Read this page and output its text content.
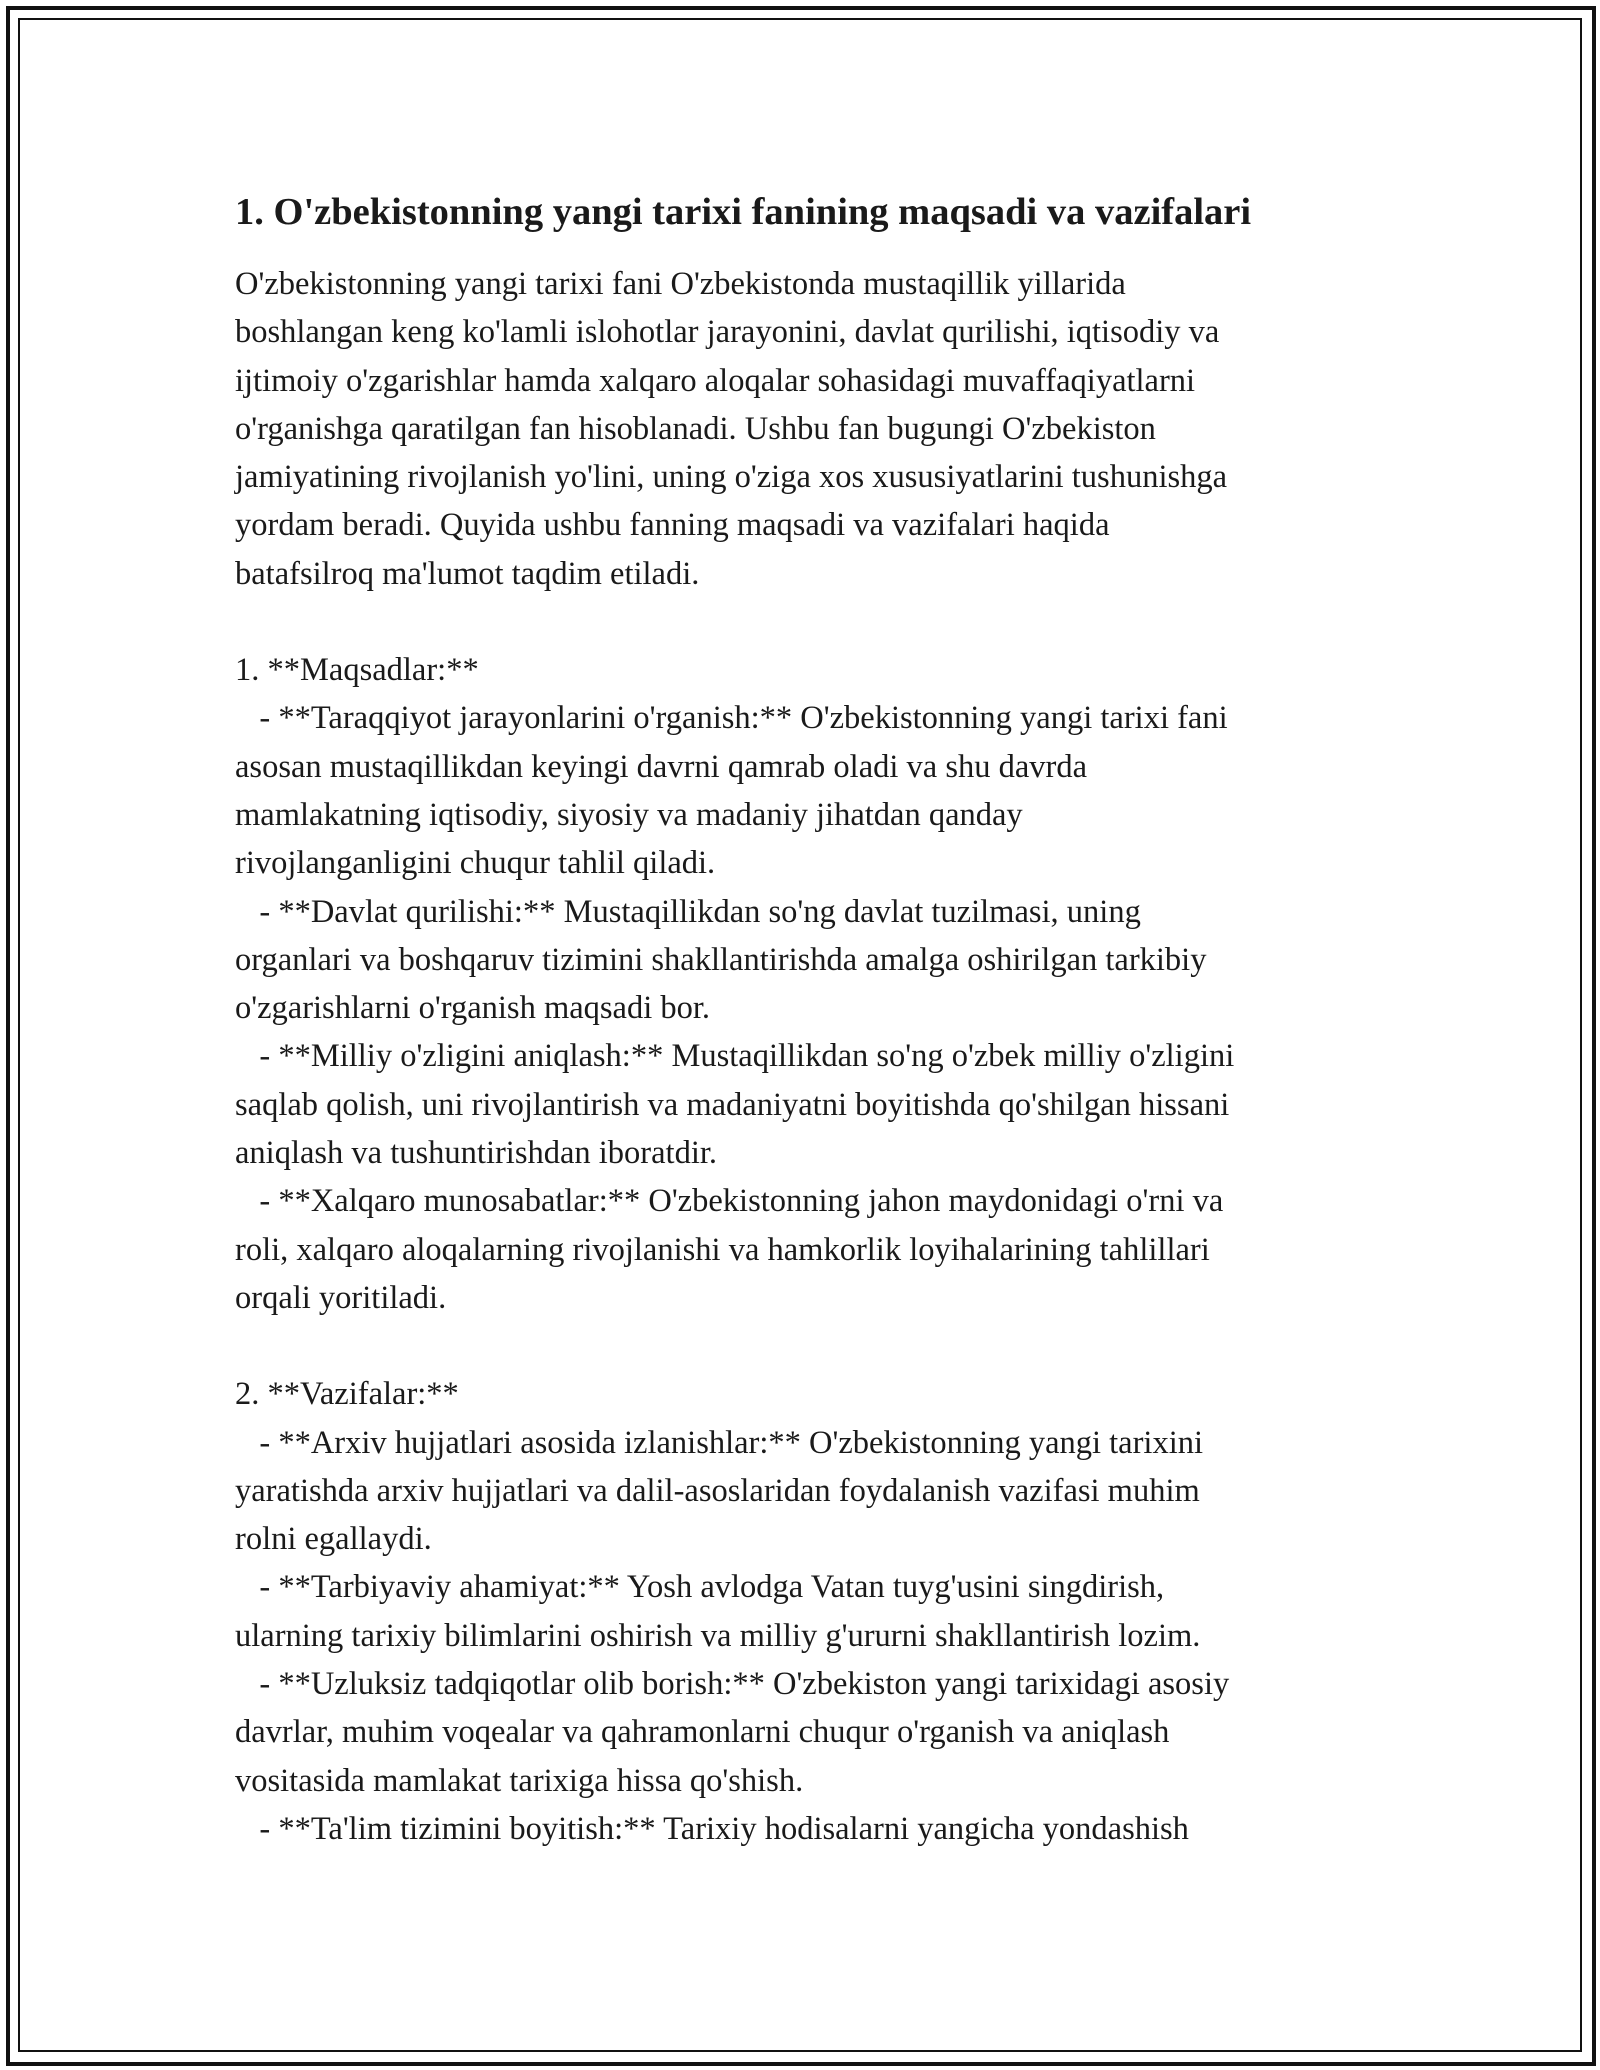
1. O'zbekistonning yangi tarixi fanining maqsadi va vazifalari
O'zbekistonning yangi tarixi fani O'zbekistonda mustaqillik yillarida
boshlangan keng ko'lamli islohotlar jarayonini, davlat qurilishi, iqtisodiy va
ijtimoiy o'zgarishlar hamda xalqaro aloqalar sohasidagi muvaffaqiyatlarni
o'rganishga qaratilgan fan hisoblanadi. Ushbu fan bugungi O'zbekiston
jamiyatining rivojlanish yo'lini, uning o'ziga xos xususiyatlarini tushunishga
yordam beradi. Quyida ushbu fanning maqsadi va vazifalari haqida
batafsilroq ma'lumot taqdim etiladi.
1. **Maqsadlar:**
- **Taraqqiyot jarayonlarini o'rganish:** O'zbekistonning yangi tarixi fani
asosan mustaqillikdan keyingi davrni qamrab oladi va shu davrda
mamlakatning iqtisodiy, siyosiy va madaniy jihatdan qanday
rivojlanganligini chuqur tahlil qiladi.
- **Davlat qurilishi:** Mustaqillikdan so'ng davlat tuzilmasi, uning
organlari va boshqaruv tizimini shakllantirishda amalga oshirilgan tarkibiy
o'zgarishlarni o'rganish maqsadi bor.
- **Milliy o'zligini aniqlash:** Mustaqillikdan so'ng o'zbek milliy o'zligini
saqlab qolish, uni rivojlantirish va madaniyatni boyitishda qo'shilgan hissani
aniqlash va tushuntirishdan iboratdir.
- **Xalqaro munosabatlar:** O'zbekistonning jahon maydonidagi o'rni va
roli, xalqaro aloqalarning rivojlanishi va hamkorlik loyihalarining tahlillari
orqali yoritiladi.
2. **Vazifalar:**
- **Arxiv hujjatlari asosida izlanishlar:** O'zbekistonning yangi tarixini
yaratishda arxiv hujjatlari va dalil-asoslaridan foydalanish vazifasi muhim
rolni egallaydi.
- **Tarbiyaviy ahamiyat:** Yosh avlodga Vatan tuyg'usini singdirish,
ularning tarixiy bilimlarini oshirish va milliy g'ururni shakllantirish lozim.
- **Uzluksiz tadqiqotlar olib borish:** O'zbekiston yangi tarixidagi asosiy
davrlar, muhim voqealar va qahramonlarni chuqur o'rganish va aniqlash
vositasida mamlakat tarixiga hissa qo'shish.
- **Ta'lim tizimini boyitish:** Tarixiy hodisalarni yangicha yondashish
